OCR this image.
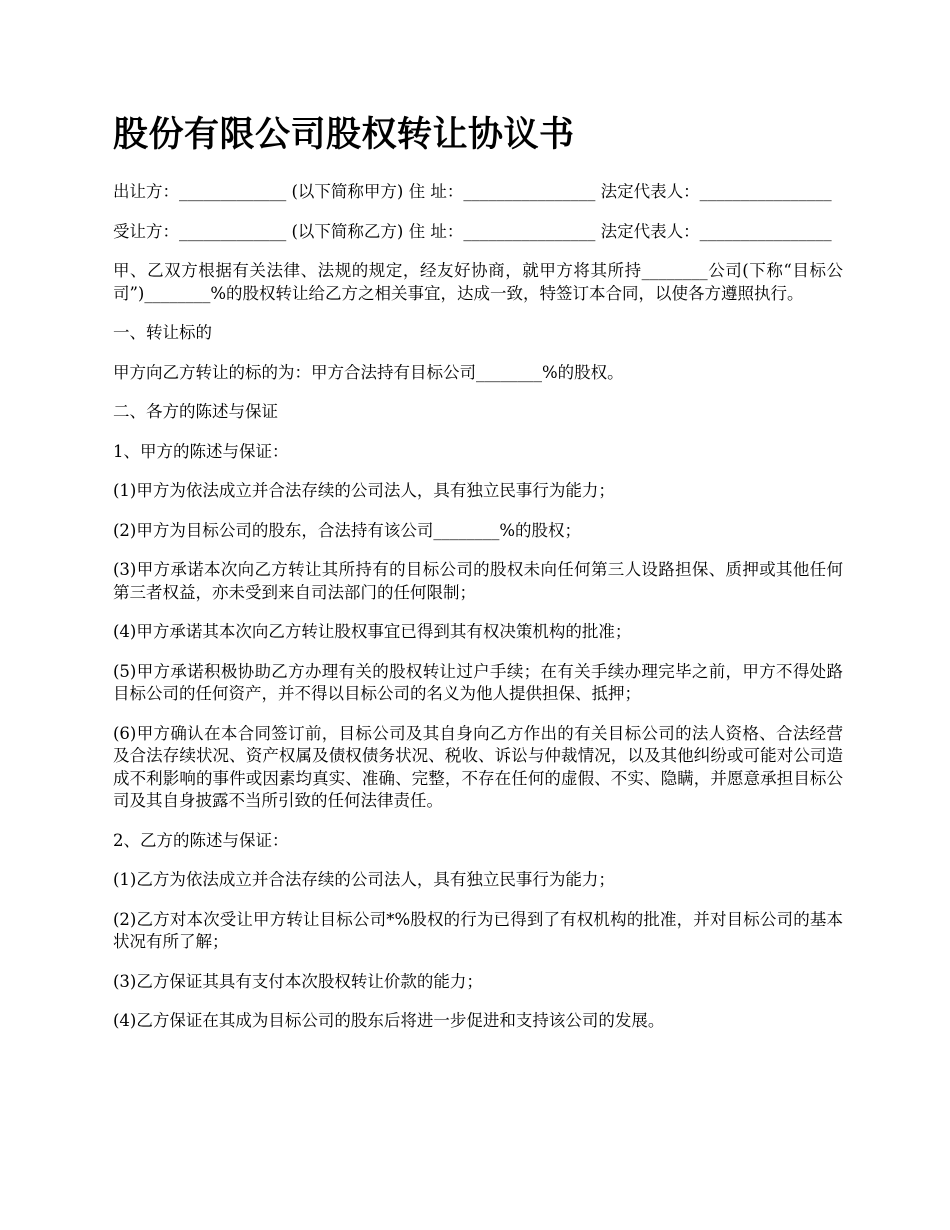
股份有限公司股权转让协议书

出让方：_____________ (以下简称甲方) 住 址：________________ 法定代表人：________________

受让方：_____________ (以下简称乙方) 住 址：________________ 法定代表人：________________

甲、乙双方根据有关法律、法规的规定，经友好协商，就甲方将其所持________公司(下称“目标公司”)________%的股权转让给乙方之相关事宜，达成一致，特签订本合同，以使各方遵照执行。

一、转让标的

甲方向乙方转让的标的为：甲方合法持有目标公司________%的股权。

二、各方的陈述与保证

1、甲方的陈述与保证：

(1)甲方为依法成立并合法存续的公司法人，具有独立民事行为能力；

(2)甲方为目标公司的股东，合法持有该公司________%的股权；

(3)甲方承诺本次向乙方转让其所持有的目标公司的股权未向任何第三人设路担保、质押或其他任何第三者权益，亦未受到来自司法部门的任何限制；

(4)甲方承诺其本次向乙方转让股权事宜已得到其有权决策机构的批准；

(5)甲方承诺积极协助乙方办理有关的股权转让过户手续；在有关手续办理完毕之前，甲方不得处路目标公司的任何资产，并不得以目标公司的名义为他人提供担保、抵押；

(6)甲方确认在本合同签订前，目标公司及其自身向乙方作出的有关目标公司的法人资格、合法经营及合法存续状况、资产权属及债权债务状况、税收、诉讼与仲裁情况，以及其他纠纷或可能对公司造成不利影响的事件或因素均真实、准确、完整，不存在任何的虚假、不实、隐瞒，并愿意承担目标公司及其自身披露不当所引致的任何法律责任。

2、乙方的陈述与保证：

(1)乙方为依法成立并合法存续的公司法人，具有独立民事行为能力；

(2)乙方对本次受让甲方转让目标公司*%股权的行为已得到了有权机构的批准，并对目标公司的基本状况有所了解；

(3)乙方保证其具有支付本次股权转让价款的能力；

(4)乙方保证在其成为目标公司的股东后将进一步促进和支持该公司的发展。
